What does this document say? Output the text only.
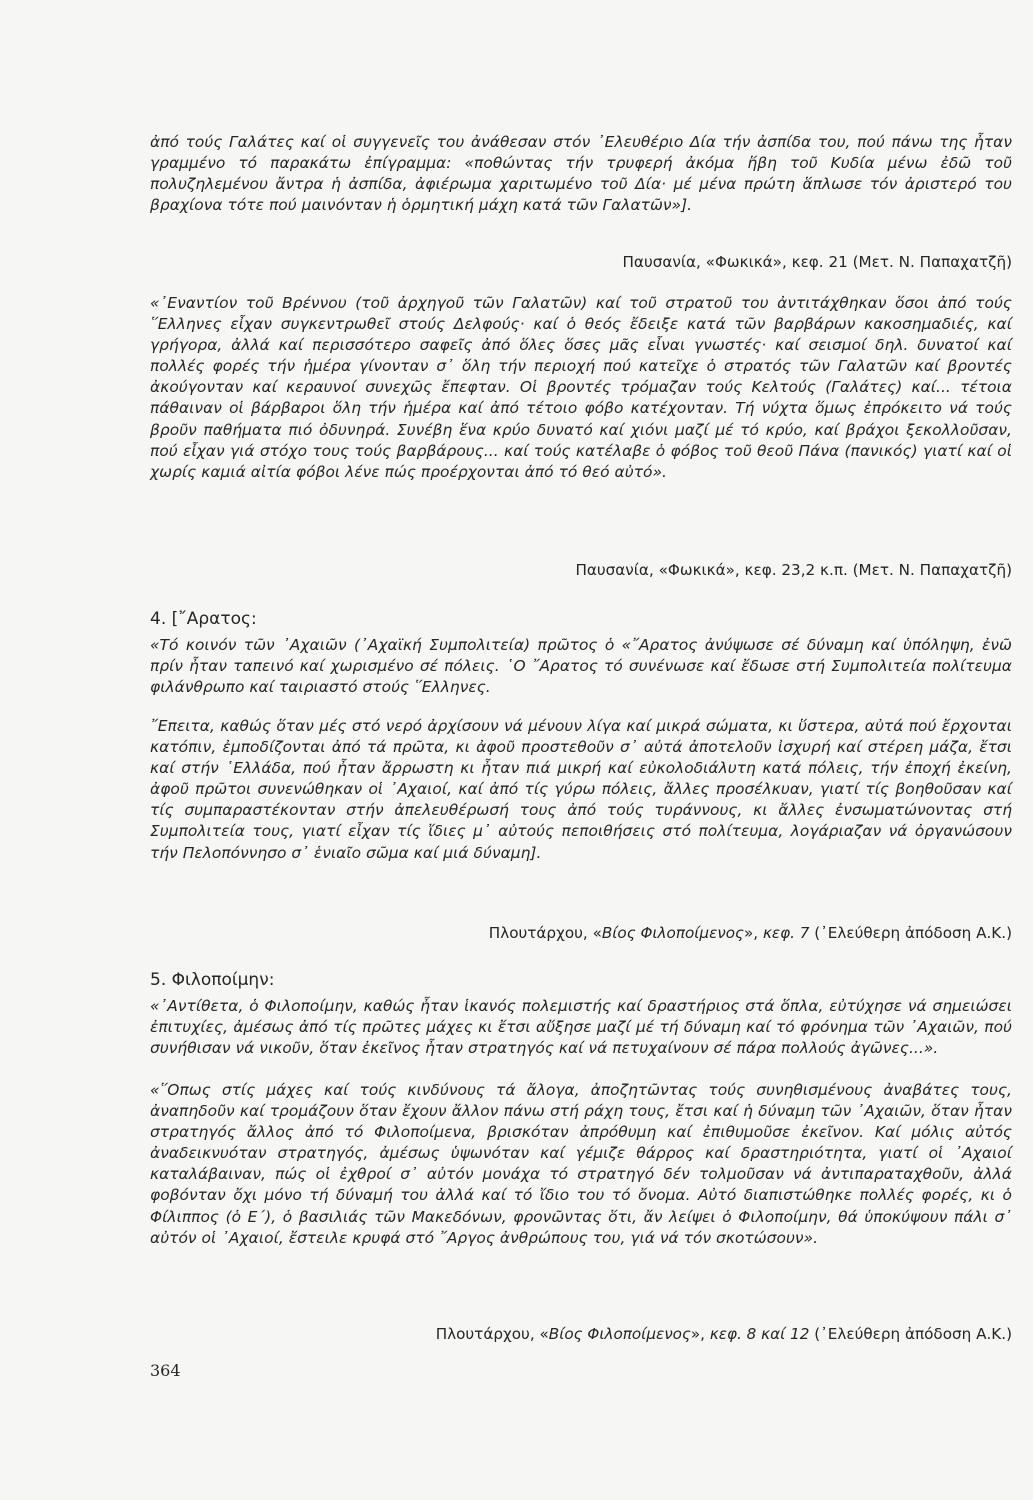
ἀπό τούς Γαλάτες καί οἱ συγγενεῖς του ἀνάθεσαν στόν ᾿Ελευθέριο Δία τήν ἀσπίδα του, πού πάνω της ἦταν γραμμένο τό παρακάτω ἐπίγραμμα: «ποθώντας τήν τρυφερή ἀκόμα ἥβη τοῦ Κυδία μένω ἐδῶ τοῦ πολυζηλεμένου ἄντρα ἡ ἀσπίδα, ἀφιέρωμα χαριτωμένο τοῦ Δία· μέ μένα πρώτη ἅπλωσε τόν ἀριστερό του βραχίονα τότε πού μαινόνταν ἡ ὁρμητική μάχη κατά τῶν Γαλατῶν»].

Παυσανία, «Φωκικά», κεφ. 21 (Μετ. Ν. Παπαχατζῆ)

«᾿Εναντίον τοῦ Βρέννου (τοῦ ἀρχηγοῦ τῶν Γαλατῶν) καί τοῦ στρατοῦ του ἀντιτάχθηκαν ὅσοι ἀπό τούς ῞Ελληνες εἶχαν συγκεντρωθεῖ στούς Δελφούς· καί ὁ θεός ἔδειξε κατά τῶν βαρβάρων κακοσημαδιές, καί γρήγορα, ἀλλά καί περισσότερο σαφεῖς ἀπό ὅλες ὅσες μᾶς εἶναι γνωστές· καί σεισμοί δηλ. δυνατοί καί πολλές φορές τήν ἡμέρα γίνονταν σ᾿ ὅλη τήν περιοχή πού κατεῖχε ὁ στρατός τῶν Γαλατῶν καί βροντές ἀκούγονταν καί κεραυνοί συνεχῶς ἔπεφταν. Οἱ βροντές τρόμαζαν τούς Κελτούς (Γαλάτες) καί... τέτοια πάθαιναν οἱ βάρβαροι ὅλη τήν ἡμέρα καί ἀπό τέτοιο φόβο κατέχονταν. Τή νύχτα ὅμως ἐπρόκειτο νά τούς βροῦν παθήματα πιό ὀδυνηρά. Συνέβη ἕνα κρύο δυνατό καί χιόνι μαζί μέ τό κρύο, καί βράχοι ξεκολλοῦσαν, πού εἶχαν γιά στόχο τους τούς βαρβάρους... καί τούς κατέλαβε ὁ φόβος τοῦ θεοῦ Πάνα (πανικός) γιατί καί οἱ χωρίς καμιά αἰτία φόβοι λένε πώς προέρχονται ἀπό τό θεό αὐτό».

Παυσανία, «Φωκικά», κεφ. 23,2 κ.π. (Μετ. Ν. Παπαχατζῆ)

4. [῎Αρατος:

«Τό κοινόν τῶν ᾿Αχαιῶν (᾿Αχαϊκή Συμπολιτεία) πρῶτος ὁ «῎Αρατος ἀνύψωσε σέ δύναμη καί ὑπόληψη, ἐνῶ πρίν ἦταν ταπεινό καί χωρισμένο σέ πόλεις. ῾Ο ῎Αρατος τό συνένωσε καί ἔδωσε στή Συμπολιτεία πολίτευμα φιλάνθρωπο καί ταιριαστό στούς ῞Ελληνες.

῎Επειτα, καθώς ὅταν μές στό νερό ἀρχίσουν νά μένουν λίγα καί μικρά σώματα, κι ὕστερα, αὐτά πού ἔρχονται κατόπιν, ἐμποδίζονται ἀπό τά πρῶτα, κι ἀφοῦ προστεθοῦν σ᾿ αὐτά ἀποτελοῦν ἰσχυρή καί στέρεη μάζα, ἔτσι καί στήν ῾Ελλάδα, πού ἦταν ἄρρωστη κι ἦταν πιά μικρή καί εὐκολοδιάλυτη κατά πόλεις, τήν ἐποχή ἐκείνη, ἀφοῦ πρῶτοι συνενώθηκαν οἱ ᾿Αχαιοί, καί ἀπό τίς γύρω πόλεις, ἄλλες προσέλκυαν, γιατί τίς βοηθοῦσαν καί τίς συμπαραστέκονταν στήν ἀπελευθέρωσή τους ἀπό τούς τυράννους, κι ἄλλες ἐνσωματώνοντας στή Συμπολιτεία τους, γιατί εἶχαν τίς ἴδιες μ᾿ αὐτούς πεποιθήσεις στό πολίτευμα, λογάριαζαν νά ὀργανώσουν τήν Πελοπόννησο σ᾿ ἑνιαῖο σῶμα καί μιά δύναμη].

Πλουτάρχου, «Βίος Φιλοποίμενος», κεφ. 7 (᾿Ελεύθερη ἀπόδοση Α.Κ.)

5. Φιλοποίμην:

«᾿Αντίθετα, ὁ Φιλοποίμην, καθώς ἦταν ἱκανός πολεμιστής καί δραστήριος στά ὅπλα, εὐτύχησε νά σημειώσει ἐπιτυχίες, ἀμέσως ἀπό τίς πρῶτες μάχες κι ἔτσι αὔξησε μαζί μέ τή δύναμη καί τό φρόνημα τῶν ᾿Αχαιῶν, πού συνήθισαν νά νικοῦν, ὅταν ἐκεῖνος ἦταν στρατηγός καί νά πετυχαίνουν σέ πάρα πολλούς ἀγῶνες...».

«῞Οπως στίς μάχες καί τούς κινδύνους τά ἄλογα, ἀποζητῶντας τούς συνηθισμένους ἀναβάτες τους, ἀναπηδοῦν καί τρομάζουν ὅταν ἔχουν ἄλλον πάνω στή ράχη τους, ἔτσι καί ἡ δύναμη τῶν ᾿Αχαιῶν, ὅταν ἦταν στρατηγός ἄλλος ἀπό τό Φιλοποίμενα, βρισκόταν ἀπρόθυμη καί ἐπιθυμοῦσε ἐκεῖνον. Καί μόλις αὐτός ἀναδεικνυόταν στρατηγός, ἀμέσως ὑψωνόταν καί γέμιζε θάρρος καί δραστηριότητα, γιατί οἱ ᾿Αχαιοί καταλάβαιναν, πώς οἱ ἐχθροί σ᾿ αὐτόν μονάχα τό στρατηγό δέν τολμοῦσαν νά ἀντιπαραταχθοῦν, ἀλλά φοβόνταν ὄχι μόνο τή δύναμή του ἀλλά καί τό ἴδιο του τό ὄνομα. Αὐτό διαπιστώθηκε πολλές φορές, κι ὁ Φίλιππος (ὁ Ε´), ὁ βασιλιάς τῶν Μακεδόνων, φρονῶντας ὅτι, ἄν λείψει ὁ Φιλοποίμην, θά ὑποκύψουν πάλι σ᾿ αὐτόν οἱ ᾿Αχαιοί, ἔστειλε κρυφά στό ῎Αργος ἀνθρώπους του, γιά νά τόν σκοτώσουν».

Πλουτάρχου, «Βίος Φιλοποίμενος», κεφ. 8 καί 12 (᾿Ελεύθερη ἀπόδοση Α.Κ.)

364
